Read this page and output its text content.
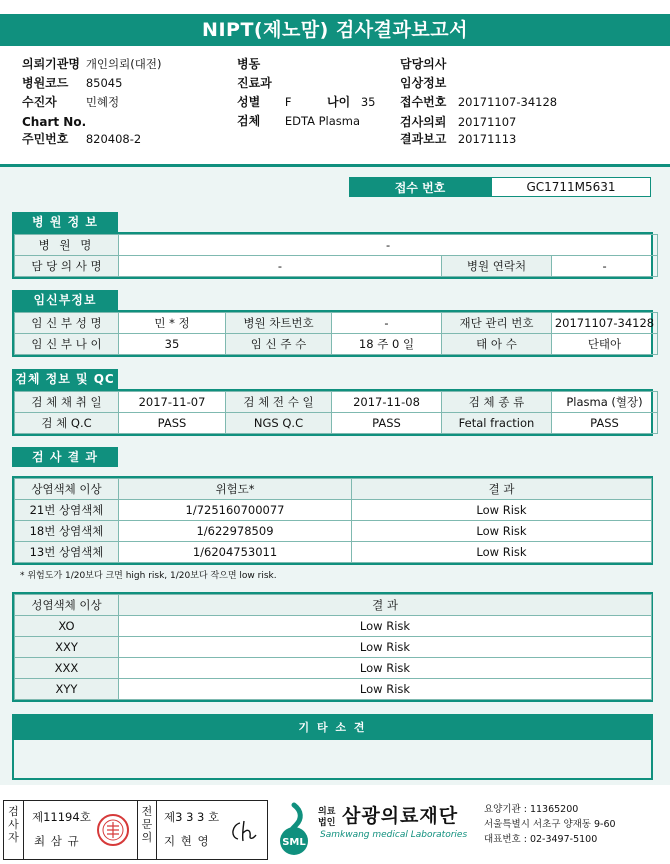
NIPT(제노맘) 검사결과보고서
의뢰기관명 개인의뢰(대전)
병원코드 85045
수진자	민혜정
Chart No.
주민번호 820408-2
병동
진료과
성별 F	나이 35
검체 EDTA Plasma
담당의사
임상정보
접수번호 20171107-34128
검사의뢰 20171107
결과보고 20171113
접수 번호	GC1711M5631
병 원 정 보
병 원 명	-		
담 당 의 사 명	-	병원 연락처	-
임신부정보
임 신 부 성 명	민 * 정	병원 차트번호	-	재단 관리 번호	20171107-34128
임 신 부 나 이	35	임 신 주 수	18 주 0 일	태 아 수	단태아
검체 정보 및 QC
검 체 채 취 일	2017-11-07	검 체 전 수 일	2017-11-08	검 체 종 류	Plasma (혈장)
검 체 Q.C	PASS	NGS Q.C	PASS	Fetal fraction	PASS
검 사 결 과
상염색체 이상	위험도*	결 과
21번 상염색체	1/725160700077	Low Risk
18번 상염색체	1/622978509	Low Risk
13번 상염색체	1/6204753011	Low Risk
* 위험도가 1/20보다 크면 high risk, 1/20보다 작으면 low risk.
성염색체 이상	결 과
XO	Low Risk
XXY	Low Risk
XXX	Low Risk
XYY	Low Risk
기 타 소 견
검사자
제11194호
최 삼 규
전문의
제3 3 3 호
지 현 영	SML
의료
법인 삼광의료재단
Samkwang medical Laboratories
요양기관 : 11365200
서울특별시 서초구 양재동 9-60
대표번호 : 02-3497-5100
